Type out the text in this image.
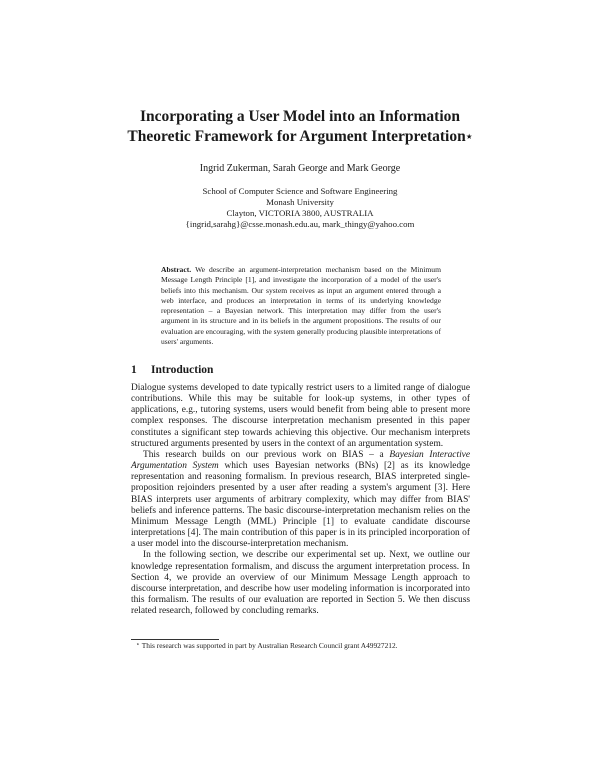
Incorporating a User Model into an Information
Theoretic Framework for Argument Interpretation⋆
Ingrid Zukerman, Sarah George and Mark George
School of Computer Science and Software Engineering
Monash University
Clayton, VICTORIA 3800, AUSTRALIA
{ingrid,sarahg}@csse.monash.edu.au, mark_thingy@yahoo.com
Abstract. We describe an argument-interpretation mechanism based on the Minimum Message Length Principle [1], and investigate the incorporation of a model of the user's beliefs into this mechanism. Our system receives as input an argument entered through a web interface, and produces an interpretation in terms of its underlying knowledge representation – a Bayesian network. This interpretation may differ from the user's argument in its structure and in its beliefs in the argument propositions. The results of our evaluation are encouraging, with the system generally producing plausible interpretations of users' arguments.
1 Introduction

Dialogue systems developed to date typically restrict users to a limited range of dialogue contributions. While this may be suitable for look-up systems, in other types of applications, e.g., tutoring systems, users would benefit from being able to present more complex responses. The discourse interpretation mechanism presented in this paper constitutes a significant step towards achieving this objective. Our mechanism interprets structured arguments presented by users in the context of an argumentation system.

This research builds on our previous work on BIAS – a Bayesian Interactive Argumentation System which uses Bayesian networks (BNs) [2] as its knowledge representation and reasoning formalism. In previous research, BIAS interpreted single-proposition rejoinders presented by a user after reading a system's argument [3]. Here BIAS interprets user arguments of arbitrary complexity, which may differ from BIAS' beliefs and inference patterns. The basic discourse-interpretation mechanism relies on the Minimum Message Length (MML) Principle [1] to evaluate candidate discourse interpretations [4]. The main contribution of this paper is in its principled incorporation of a user model into the discourse-interpretation mechanism.

In the following section, we describe our experimental set up. Next, we outline our knowledge representation formalism, and discuss the argument interpretation process. In Section 4, we provide an overview of our Minimum Message Length approach to discourse interpretation, and describe how user modeling information is incorporated into this formalism. The results of our evaluation are reported in Section 5. We then discuss related research, followed by concluding remarks.

⋆ This research was supported in part by Australian Research Council grant A49927212.
